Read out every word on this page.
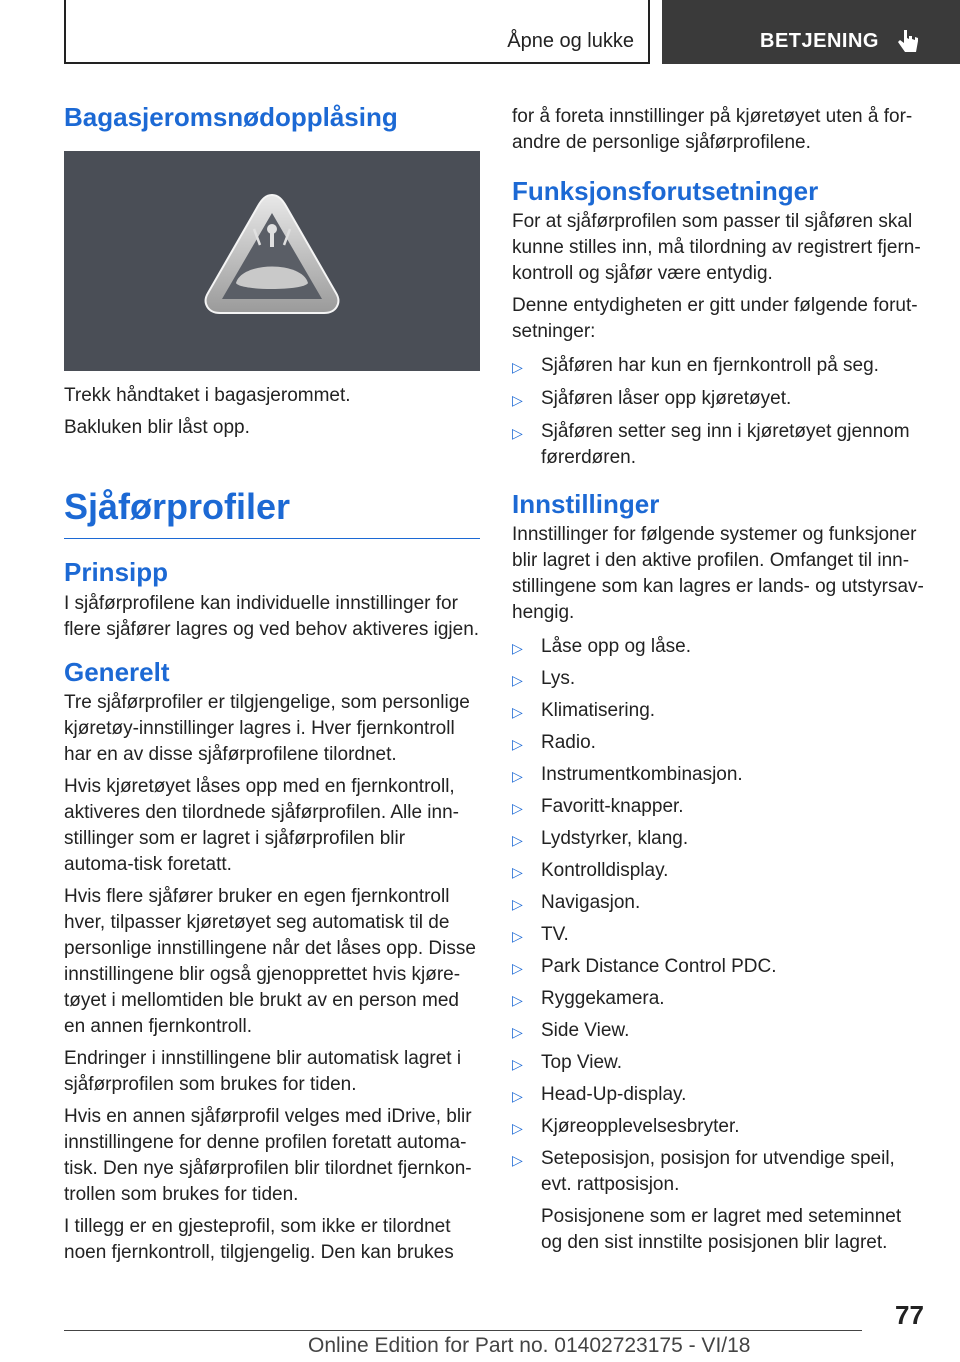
Åpne og lukke	BETJENING
Bagasjeromsnødopplåsing

Trekk håndtaket i bagasjerommet.

Bakluken blir låst opp.

Sjåførprofiler
Prinsipp

I sjåførprofilene kan individuelle innstillinger for flere sjåfører lagres og ved behov aktiveres igjen.

Generelt

Tre sjåførprofiler er tilgjengelige, som personlige kjøretøy-innstillinger lagres i. Hver fjernkontroll har en av disse sjåførprofilene tilordnet.

Hvis kjøretøyet låses opp med en fjernkontroll, aktiveres den tilordnede sjåførprofilen. Alle inn-stillinger som er lagret i sjåførprofilen blir automa-tisk foretatt.

Hvis flere sjåfører bruker en egen fjernkontroll hver, tilpasser kjøretøyet seg automatisk til de personlige innstillingene når det låses opp. Disse innstillingene blir også gjenopprettet hvis kjøre-tøyet i mellomtiden ble brukt av en person med en annen fjernkontroll.

Endringer i innstillingene blir automatisk lagret i sjåførprofilen som brukes for tiden.

Hvis en annen sjåførprofil velges med iDrive, blir innstillingene for denne profilen foretatt automa-tisk. Den nye sjåførprofilen blir tilordnet fjernkon-trollen som brukes for tiden.

I tillegg er en gjesteprofil, som ikke er tilordnet noen fjernkontroll, tilgjengelig. Den kan brukes

for å foreta innstillinger på kjøretøyet uten å for-andre de personlige sjåførprofilene.

Funksjonsforutsetninger

For at sjåførprofilen som passer til sjåføren skal kunne stilles inn, må tilordning av registrert fjern-kontroll og sjåfør være entydig.

Denne entydigheten er gitt under følgende forut-setninger:

▷ Sjåføren har kun en fjernkontroll på seg.
▷ Sjåføren låser opp kjøretøyet.
▷ Sjåføren setter seg inn i kjøretøyet gjennom førerdøren.
Innstillinger

Innstillinger for følgende systemer og funksjoner blir lagret i den aktive profilen. Omfanget til inn-stillingene som kan lagres er lands- og utstyrsav-hengig.

▷ Låse opp og låse.
▷ Lys.
▷ Klimatisering.
▷ Radio.
▷ Instrumentkombinasjon.
▷ Favoritt-knapper.
▷ Lydstyrker, klang.
▷ Kontrolldisplay.
▷ Navigasjon.
▷ TV.
▷ Park Distance Control PDC.
▷ Ryggekamera.
▷ Side View.
▷ Top View.
▷ Head-Up-display.
▷ Kjøreopplevelsesbryter.
▷ Seteposisjon, posisjon for utvendige speil, evt. rattposisjon.

Posisjonene som er lagret med seteminnet og den sist innstilte posisjonen blir lagret.

77
Online Edition for Part no. 01402723175 - VI/18
